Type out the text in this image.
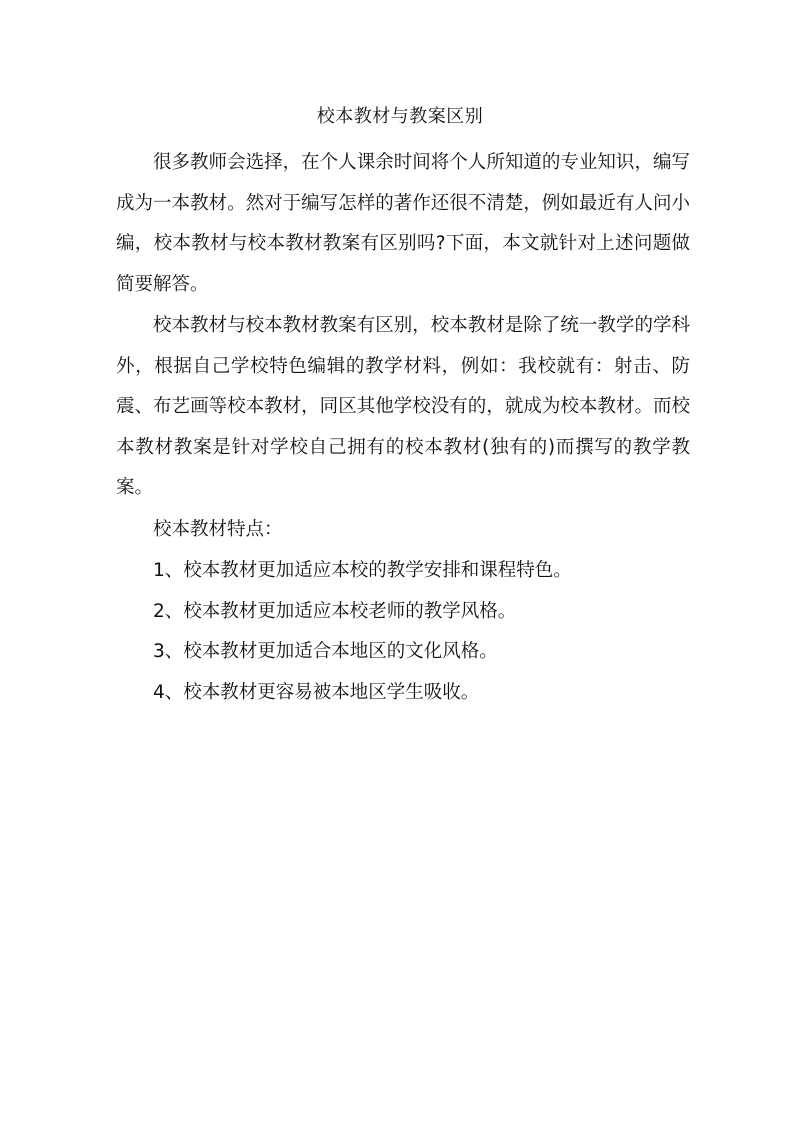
校本教材与教案区别

很多教师会选择，在个人课余时间将个人所知道的专业知识，编写成为一本教材。然对于编写怎样的著作还很不清楚，例如最近有人问小编，校本教材与校本教材教案有区别吗?下面，本文就针对上述问题做简要解答。

校本教材与校本教材教案有区别，校本教材是除了统一教学的学科外，根据自己学校特色编辑的教学材料，例如：我校就有：射击、防震、布艺画等校本教材，同区其他学校没有的，就成为校本教材。而校本教材教案是针对学校自己拥有的校本教材(独有的)而撰写的教学教案。

校本教材特点：

1、校本教材更加适应本校的教学安排和课程特色。

2、校本教材更加适应本校老师的教学风格。

3、校本教材更加适合本地区的文化风格。

4、校本教材更容易被本地区学生吸收。
